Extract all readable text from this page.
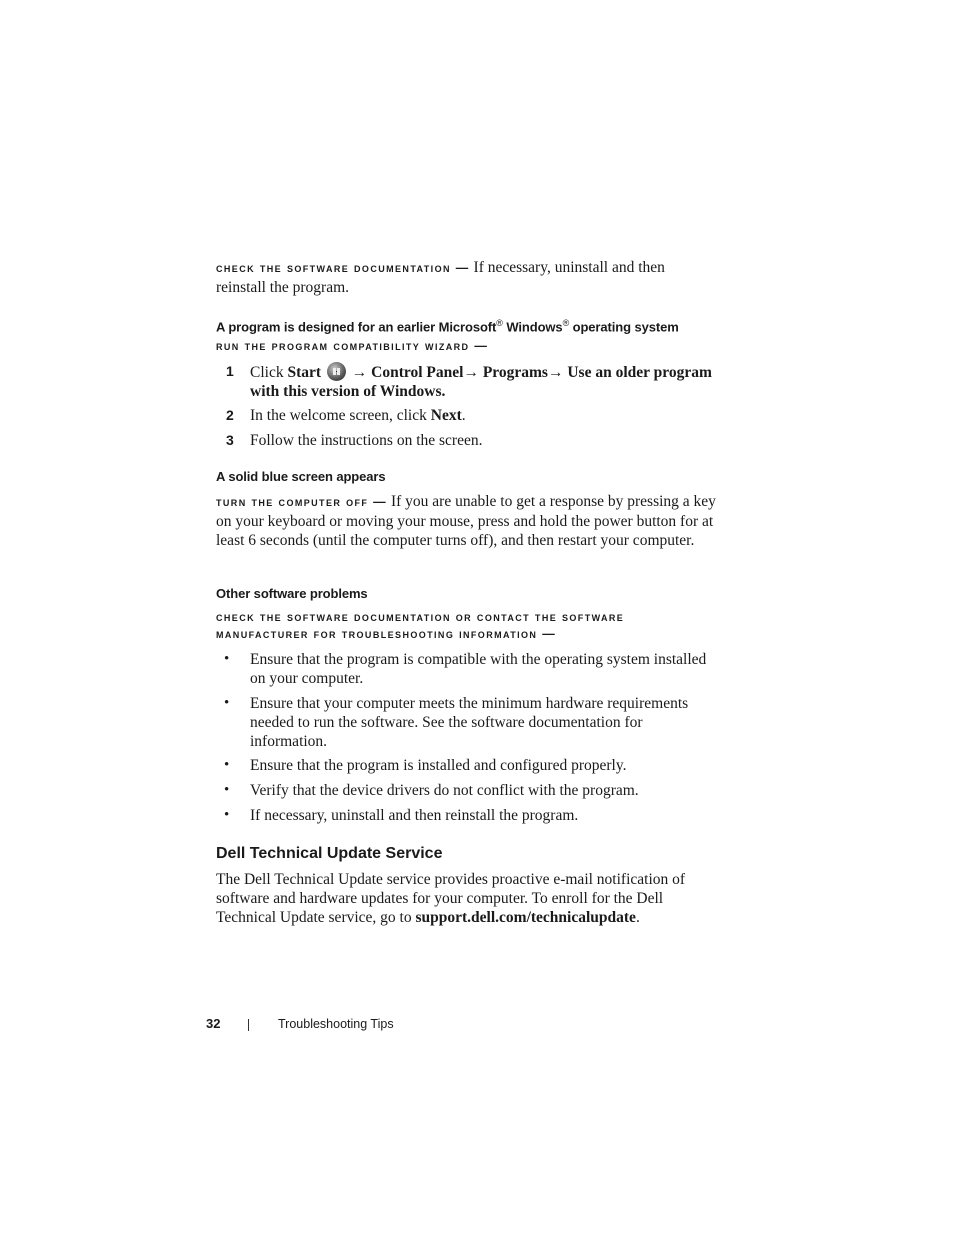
check the software documentation — If necessary, uninstall and then reinstall the program.
A program is designed for an earlier Microsoft® Windows® operating system
run the program compatibility wizard —
1 Click Start  → Control Panel→ Programs→ Use an older program with this version of Windows.
2 In the welcome screen, click Next.
3 Follow the instructions on the screen.
A solid blue screen appears
turn the computer off — If you are unable to get a response by pressing a key on your keyboard or moving your mouse, press and hold the power button for at least 6 seconds (until the computer turns off), and then restart your computer.
Other software problems
check the software documentation or contact the software
manufacturer for troubleshooting information —
• Ensure that the program is compatible with the operating system installed on your computer.
• Ensure that your computer meets the minimum hardware requirements needed to run the software. See the software documentation for information.
• Ensure that the program is installed and configured properly.
• Verify that the device drivers do not conflict with the program.
• If necessary, uninstall and then reinstall the program.
Dell Technical Update Service
The Dell Technical Update service provides proactive e-mail notification of software and hardware updates for your computer. To enroll for the Dell Technical Update service, go to support.dell.com/technicalupdate.
32	Troubleshooting Tips
